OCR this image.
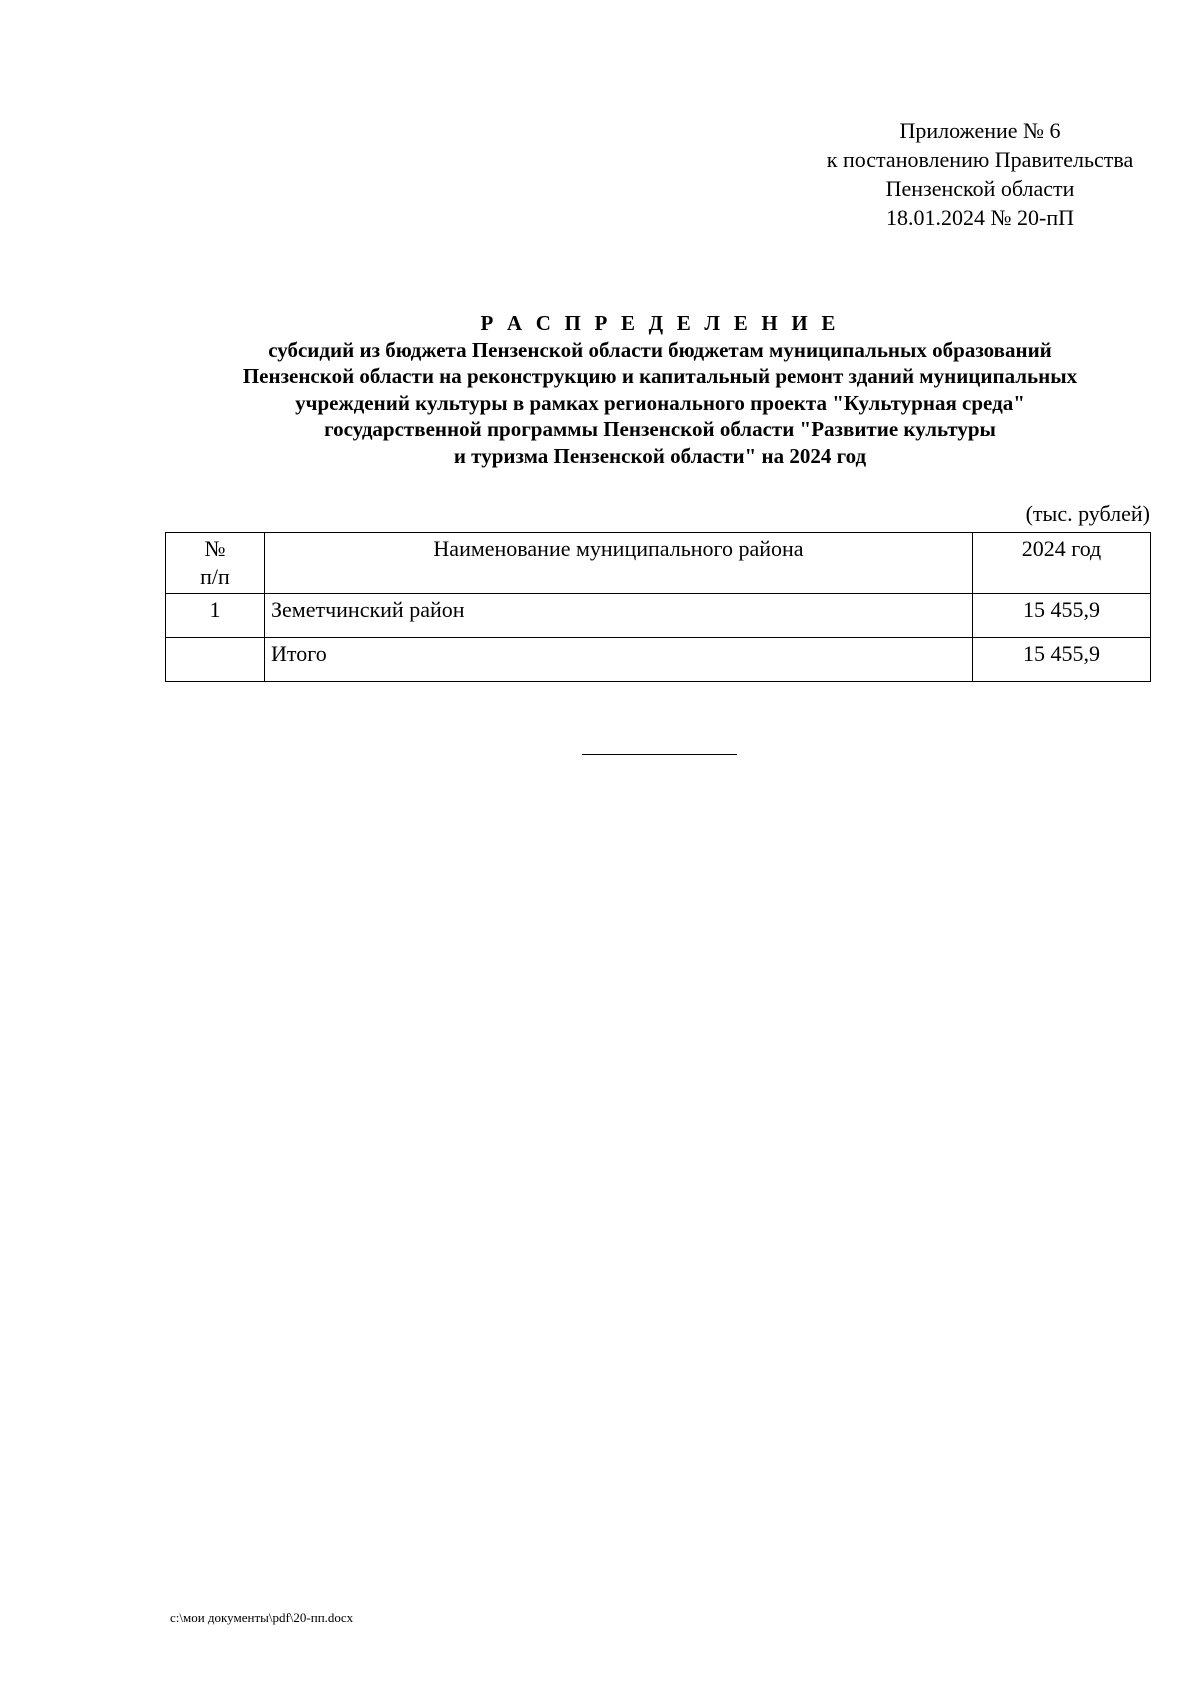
Приложение № 6
к постановлению Правительства
Пензенской области
18.01.2024 № 20-пП
Р А С П Р Е Д Е Л Е Н И Е
субсидий из бюджета Пензенской области бюджетам муниципальных образований
Пензенской области на реконструкцию и капитальный ремонт зданий муниципальных
учреждений культуры в рамках регионального проекта "Культурная среда"
государственной программы Пензенской области "Развитие культуры
и туризма Пензенской области" на 2024 год
(тыс. рублей)
№
п/п	Наименование муниципального района	2024 год
1	Земетчинский район	15 455,9
	Итого	15 455,9
c:\мои документы\pdf\20-пп.docx
